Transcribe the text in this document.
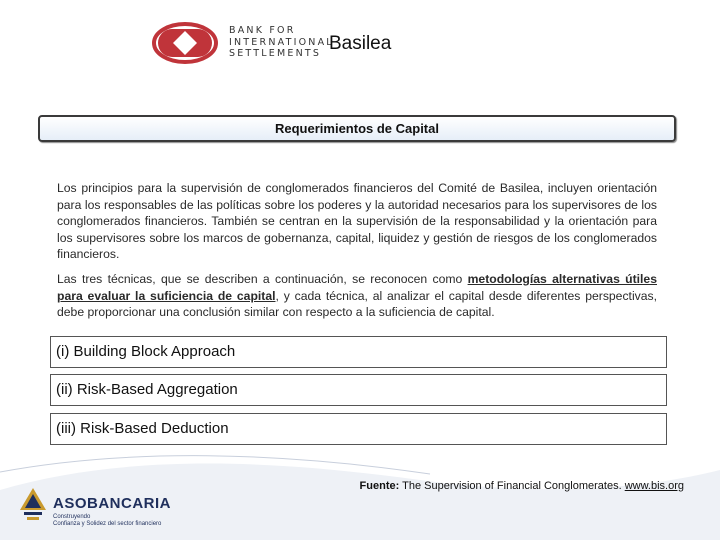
BANK FOR
INTERNATIONAL
SETTLEMENTS Basilea
Requerimientos de Capital
Los principios para la supervisión de conglomerados financieros del Comité de Basilea, incluyen orientación para los responsables de las políticas sobre los poderes y la autoridad necesarios para los supervisores de los conglomerados financieros. También se centran en la supervisión de la responsabilidad y la orientación para los supervisores sobre los marcos de gobernanza, capital, liquidez y gestión de riesgos de los conglomerados financieros.
Las tres técnicas, que se describen a continuación, se reconocen como metodologías alternativas útiles para evaluar la suficiencia de capital, y cada técnica, al analizar el capital desde diferentes perspectivas, debe proporcionar una conclusión similar con respecto a la suficiencia de capital.
(i) Building Block Approach
(ii) Risk-Based Aggregation
(iii) Risk-Based Deduction
ASOBANCARIA
Construyendo
Confianza y Solidez del sector financiero
Fuente: The Supervision of Financial Conglomerates. www.bis.org
